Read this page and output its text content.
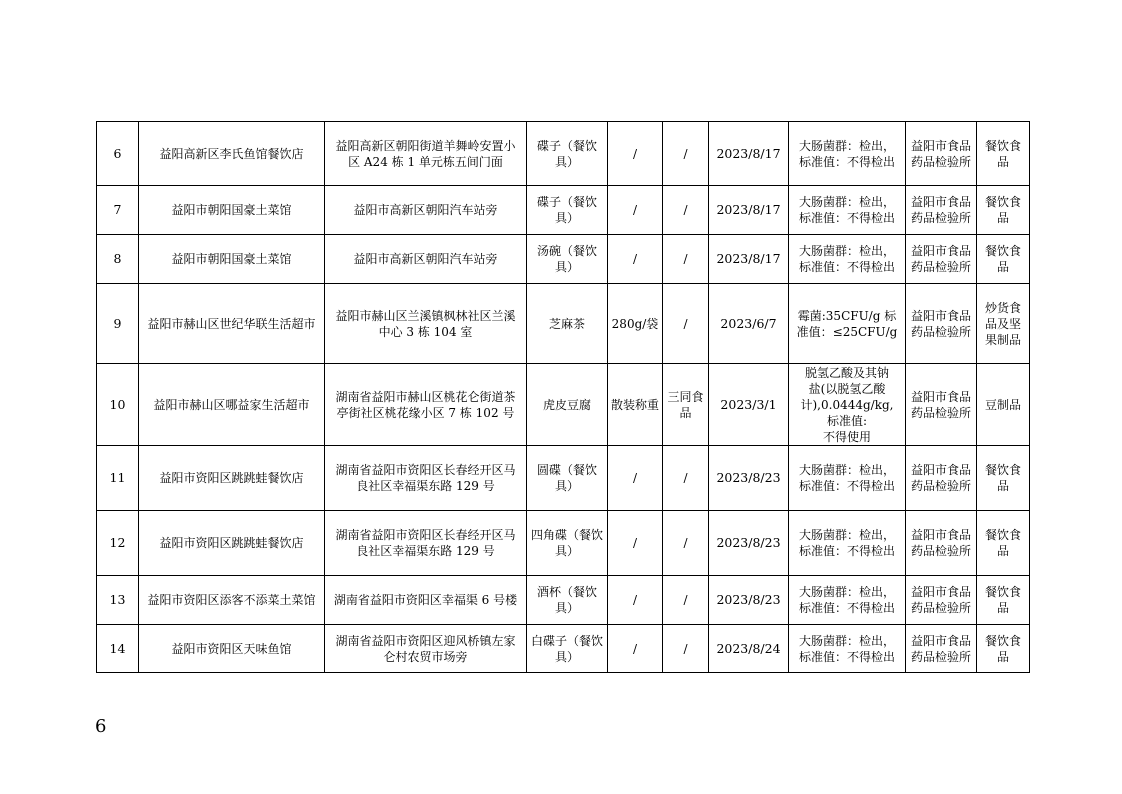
6	益阳高新区李氏鱼馆餐饮店	益阳高新区朝阳街道羊舞岭安置小区 A24 栋 1 单元栋五间门面	碟子（餐饮具）	/	/	2023/8/17	大肠菌群：检出，
标准值：不得检出	益阳市食品药品检验所	餐饮食品
7	益阳市朝阳国豪土菜馆	益阳市高新区朝阳汽车站旁	碟子（餐饮具）	/	/	2023/8/17	大肠菌群：检出，
标准值：不得检出	益阳市食品药品检验所	餐饮食品
8	益阳市朝阳国豪土菜馆	益阳市高新区朝阳汽车站旁	汤碗（餐饮具）	/	/	2023/8/17	大肠菌群：检出，
标准值：不得检出	益阳市食品药品检验所	餐饮食品
9	益阳市赫山区世纪华联生活超市	益阳市赫山区兰溪镇枫林社区兰溪中心 3 栋 104 室	芝麻茶	280g/袋	/	2023/6/7	霉菌:35CFU/g 标
准值：≤25CFU/g	益阳市食品药品检验所	炒货食品及坚果制品
10	益阳市赫山区哪益家生活超市	湖南省益阳市赫山区桃花仑街道茶亭街社区桃花缘小区 7 栋 102 号	虎皮豆腐	散装称重	三同食品	2023/3/1	脱氢乙酸及其钠
盐(以脱氢乙酸
计),0.0444g/kg,
标准值:
不得使用	益阳市食品药品检验所	豆制品
11	益阳市资阳区跳跳蛙餐饮店	湖南省益阳市资阳区长春经开区马良社区幸福渠东路 129 号	圆碟（餐饮具）	/	/	2023/8/23	大肠菌群：检出，
标准值：不得检出	益阳市食品药品检验所	餐饮食品
12	益阳市资阳区跳跳蛙餐饮店	湖南省益阳市资阳区长春经开区马良社区幸福渠东路 129 号	四角碟（餐饮具）	/	/	2023/8/23	大肠菌群：检出，
标准值：不得检出	益阳市食品药品检验所	餐饮食品
13	益阳市资阳区添客不添菜土菜馆	湖南省益阳市资阳区幸福渠 6 号楼	酒杯（餐饮具）	/	/	2023/8/23	大肠菌群：检出，
标准值：不得检出	益阳市食品药品检验所	餐饮食品
14	益阳市资阳区天味鱼馆	湖南省益阳市资阳区迎风桥镇左家仑村农贸市场旁	白碟子（餐饮具）	/	/	2023/8/24	大肠菌群：检出，
标准值：不得检出	益阳市食品药品检验所	餐饮食品
6
